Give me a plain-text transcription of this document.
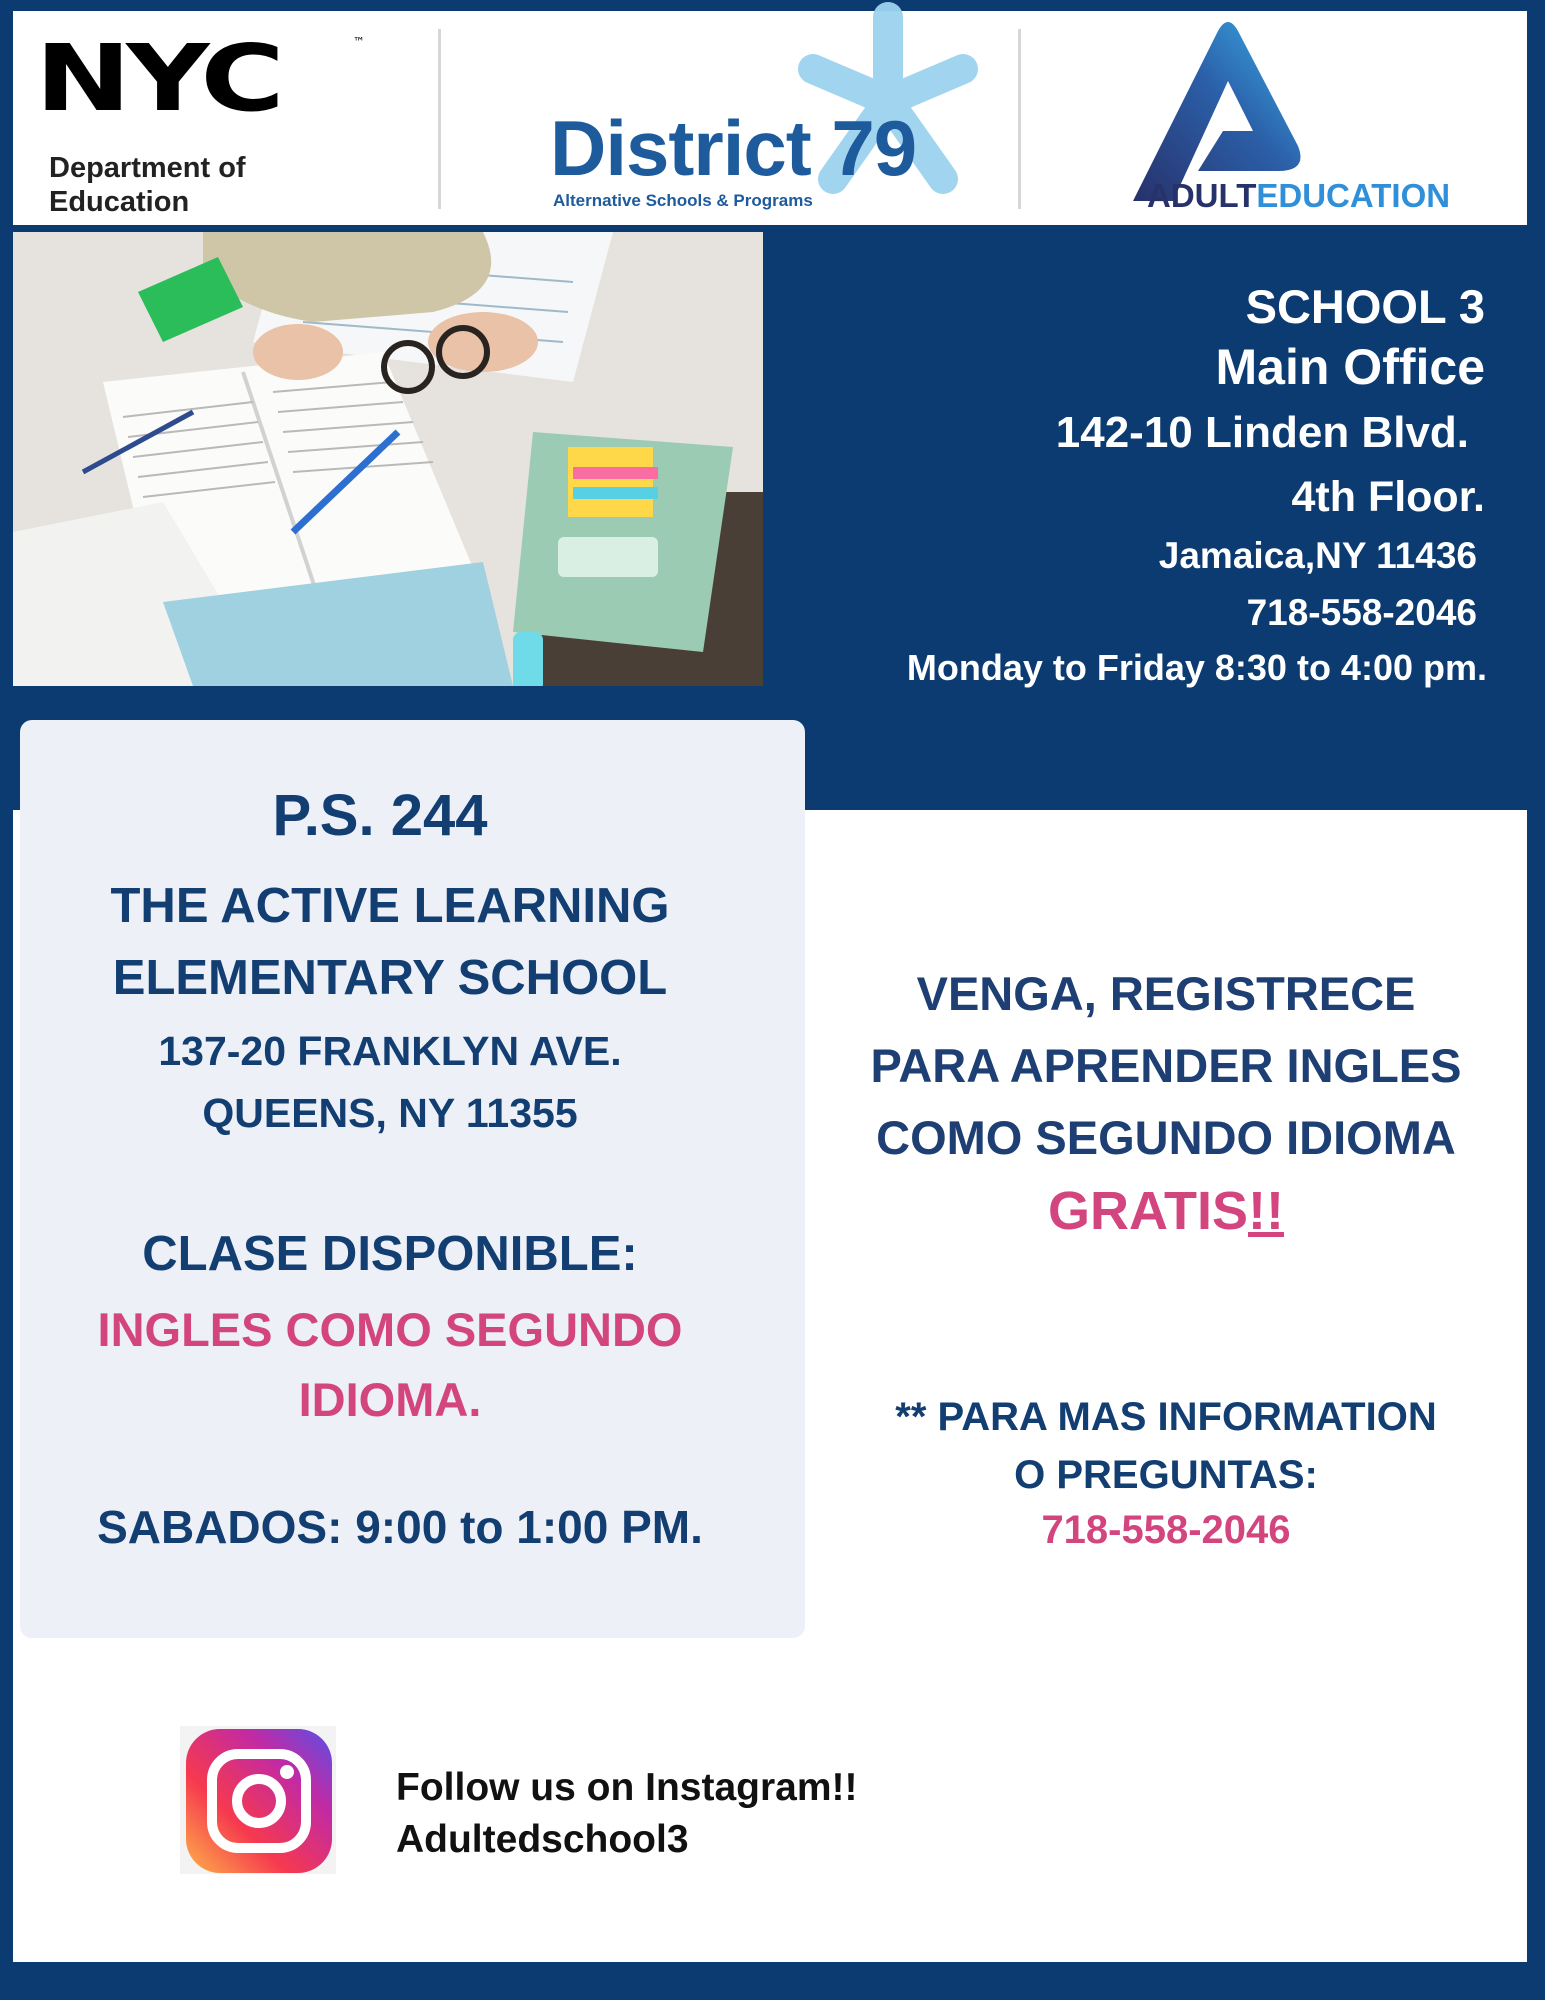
NYC	™
Department of
Education
District 79
Alternative Schools & Programs	ADULTEDUCATION
SCHOOL 3
Main Office
142-10 Linden Blvd.
4th Floor.
Jamaica,NY 11436
718-558-2046
Monday to Friday 8:30 to 4:00 pm.
P.S. 244
THE ACTIVE LEARNING
ELEMENTARY SCHOOL
137-20 FRANKLYN AVE.
QUEENS, NY 11355
CLASE DISPONIBLE:
INGLES COMO SEGUNDO
IDIOMA.
SABADOS: 9:00 to 1:00 PM.
VENGA, REGISTRECE
PARA APRENDER INGLES
COMO SEGUNDO IDIOMA
GRATIS!!
** PARA MAS INFORMATION
O PREGUNTAS:
718-558-2046
Follow us on Instagram!!
Adultedschool3
